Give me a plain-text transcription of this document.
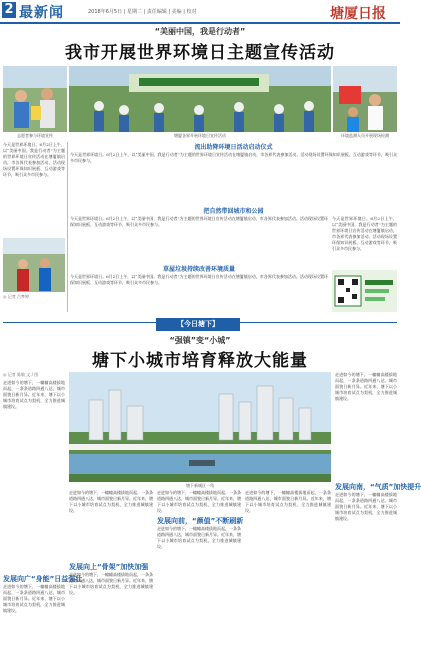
2 最新闻	2018年6月5日 | 星期二 | 责任编辑 | 美编 | 校对	塘厦日报
“美丽中国，我是行动者”
我市开展世界环境日主题宣传活动
志愿者参与环境宣传	塘厦各界开展环境日宣传活动	环境监测人员开展现场检测
今天是世界环境日。6月2日上午，以“美丽中国，我是行动者”为主题的世界环境日宣传活动在塘厦镇启动，市各界代表参加活动。活动现场设置环保知识展板、互动游戏等环节，吸引众多市民参与。
◎ 记者 吕梦婷
流出助降环境日活动启动仪式
今天是世界环境日。6月2日上午，以“美丽中国，我是行动者”为主题的世界环境日宣传活动在塘厦镇启动，市各界代表参加活动。活动现场设置环保知识展板、互动游戏等环节，吸引众多市民参与。
把自然带回城市和公园
今天是世界环境日。6月2日上午，以“美丽中国，我是行动者”为主题的世界环境日宣传活动在塘厦镇启动，市各界代表参加活动。活动现场设置环保知识展板、互动游戏等环节，吸引众多市民参与。
草屋垃圾持续改善环境质量
今天是世界环境日。6月2日上午，以“美丽中国，我是行动者”为主题的世界环境日宣传活动在塘厦镇启动，市各界代表参加活动。活动现场设置环保知识展板、互动游戏等环节，吸引众多市民参与。
今天是世界环境日。6月2日上午，以“美丽中国，我是行动者”为主题的世界环境日宣传活动在塘厦镇启动，市各界代表参加活动。活动现场设置环保知识展板、互动游戏等环节，吸引众多市民参与。
【今日塘下】
“强镇”变“小城”
塘下小城市培育释放大能量
◎ 记者 陈敏 文 / 图
走进如今的塘下，一幢幢高楼拔地而起，一条条道路四通八达，城市面貌日新月异。近年来，塘下以小城市培育试点为契机，全力推进城镇建设。
发展向广“身能”日益强壮
走进如今的塘下，一幢幢高楼拔地而起，一条条道路四通八达，城市面貌日新月异。近年来，塘下以小城市培育试点为契机，全力推进城镇建设。
塘下新城区一角
走进如今的塘下，一幢幢高楼拔地而起，一条条道路四通八达，城市面貌日新月异。近年来，塘下以小城市培育试点为契机，全力推进城镇建设。
发展向上“骨架”加快加强
走进如今的塘下，一幢幢高楼拔地而起，一条条道路四通八达，城市面貌日新月异。近年来，塘下以小城市培育试点为契机，全力推进城镇建设。
走进如今的塘下，一幢幢高楼拔地而起，一条条道路四通八达，城市面貌日新月异。近年来，塘下以小城市培育试点为契机，全力推进城镇建设。
发展向前，“颜值”不断刷新
走进如今的塘下，一幢幢高楼拔地而起，一条条道路四通八达，城市面貌日新月异。近年来，塘下以小城市培育试点为契机，全力推进城镇建设。
走进如今的塘下，一幢幢高楼拔地而起，一条条道路四通八达，城市面貌日新月异。近年来，塘下以小城市培育试点为契机，全力推进城镇建设。
走进如今的塘下，一幢幢高楼拔地而起，一条条道路四通八达，城市面貌日新月异。近年来，塘下以小城市培育试点为契机，全力推进城镇建设。
发展向南，“气质”加快提升
走进如今的塘下，一幢幢高楼拔地而起，一条条道路四通八达，城市面貌日新月异。近年来，塘下以小城市培育试点为契机，全力推进城镇建设。
